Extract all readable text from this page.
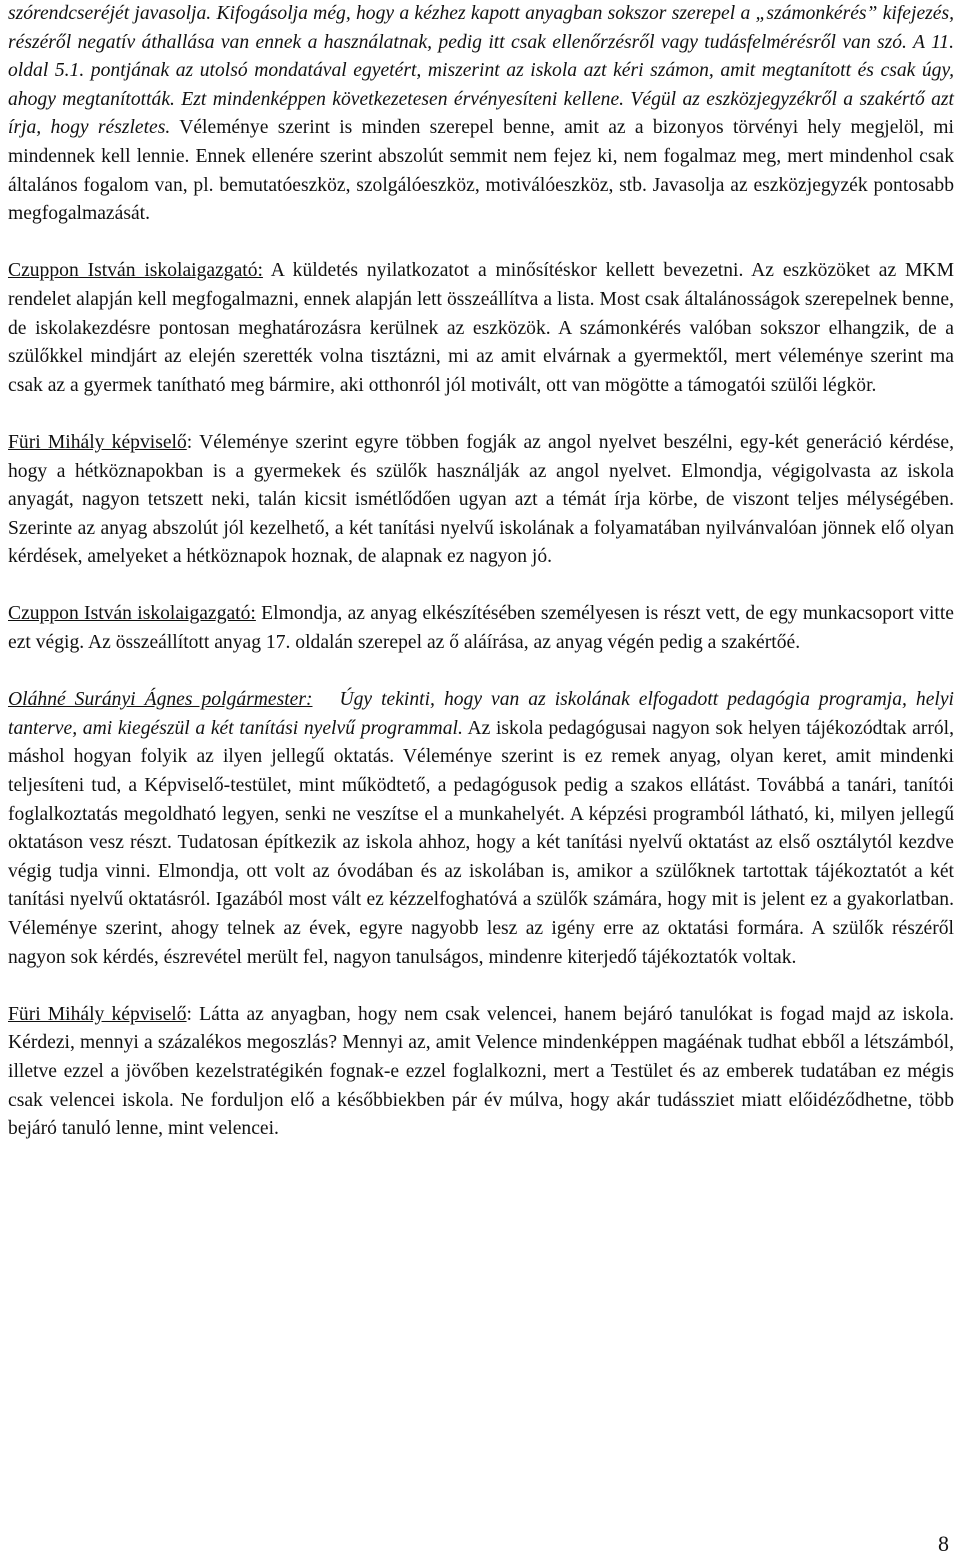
szórendcseréjét javasolja. Kifogásolja még, hogy a kézhez kapott anyagban sokszor szerepel a „számonkérés” kifejezés, részéről negatív áthallása van ennek a használatnak, pedig itt csak ellenőrzésről vagy tudásfelmérésről van szó. A 11. oldal 5.1. pontjának az utolsó mondatával egyetért, miszerint az iskola azt kéri számon, amit megtanított és csak úgy, ahogy megtanították. Ezt mindenképpen következetesen érvényesíteni kellene. Végül az eszközjegyzékről a szakértő azt írja, hogy részletes. Véleménye szerint is minden szerepel benne, amit az a bizonyos törvényi hely megjelöl, mi mindennek kell lennie. Ennek ellenére szerint abszolút semmit nem fejez ki, nem fogalmaz meg, mert mindenhol csak általános fogalom van, pl. bemutatóeszköz, szolgálóeszköz, motiválóeszköz, stb. Javasolja az eszközjegyzék pontosabb megfogalmazását.

Czuppon István iskolaigazgató: A küldetés nyilatkozatot a minősítéskor kellett bevezetni. Az eszközöket az MKM rendelet alapján kell megfogalmazni, ennek alapján lett összeállítva a lista. Most csak általánosságok szerepelnek benne, de iskolakezdésre pontosan meghatározásra kerülnek az eszközök. A számonkérés valóban sokszor elhangzik, de a szülőkkel mindjárt az elején szerették volna tisztázni, mi az amit elvárnak a gyermektől, mert véleménye szerint ma csak az a gyermek tanítható meg bármire, aki otthonról jól motivált, ott van mögötte a támogatói szülői légkör.

Füri Mihály képviselő: Véleménye szerint egyre többen fogják az angol nyelvet beszélni, egy-két generáció kérdése, hogy a hétköznapokban is a gyermekek és szülők használják az angol nyelvet. Elmondja, végigolvasta az iskola anyagát, nagyon tetszett neki, talán kicsit ismétlődően ugyan azt a témát írja körbe, de viszont teljes mélységében. Szerinte az anyag abszolút jól kezelhető, a két tanítási nyelvű iskolának a folyamatában nyilvánvalóan jönnek elő olyan kérdések, amelyeket a hétköznapok hoznak, de alapnak ez nagyon jó.

Czuppon István iskolaigazgató: Elmondja, az anyag elkészítésében személyesen is részt vett, de egy munkacsoport vitte ezt végig. Az összeállított anyag 17. oldalán szerepel az ő aláírása, az anyag végén pedig a szakértőé.

Oláhné Surányi Ágnes polgármester:   Úgy tekinti, hogy van az iskolának elfogadott pedagógia programja, helyi tanterve, ami kiegészül a két tanítási nyelvű programmal. Az iskola pedagógusai nagyon sok helyen tájékozódtak arról, máshol hogyan folyik az ilyen jellegű oktatás. Véleménye szerint is ez remek anyag, olyan keret, amit mindenki teljesíteni tud, a Képviselő-testület, mint működtető, a pedagógusok pedig a szakos ellátást. Továbbá a tanári, tanítói foglalkoztatás megoldható legyen, senki ne veszítse el a munkahelyét. A képzési programból látható, ki, milyen jellegű oktatáson vesz részt. Tudatosan építkezik az iskola ahhoz, hogy a két tanítási nyelvű oktatást az első osztálytól kezdve végig tudja vinni. Elmondja, ott volt az óvodában és az iskolában is, amikor a szülőknek tartottak tájékoztatót a két tanítási nyelvű oktatásról. Igazából most vált ez kézzelfoghatóvá a szülők számára, hogy mit is jelent ez a gyakorlatban. Véleménye szerint, ahogy telnek az évek, egyre nagyobb lesz az igény erre az oktatási formára. A szülők részéről nagyon sok kérdés, észrevétel merült fel, nagyon tanulságos, mindenre kiterjedő tájékoztatók voltak.

Füri Mihály képviselő: Látta az anyagban, hogy nem csak velencei, hanem bejáró tanulókat is fogad majd az iskola. Kérdezi, mennyi a százalékos megoszlás? Mennyi az, amit Velence mindenképpen magáénak tudhat ebből a létszámból, illetve ezzel a jövőben kezelstratégikén fognak-e ezzel foglalkozni, mert a Testület és az emberek tudatában ez mégis csak velencei iskola. Ne forduljon elő a későbbiekben pár év múlva, hogy akár tudássziet miatt előidéződhetne, több bejáró tanuló lenne, mint velencei.

8
